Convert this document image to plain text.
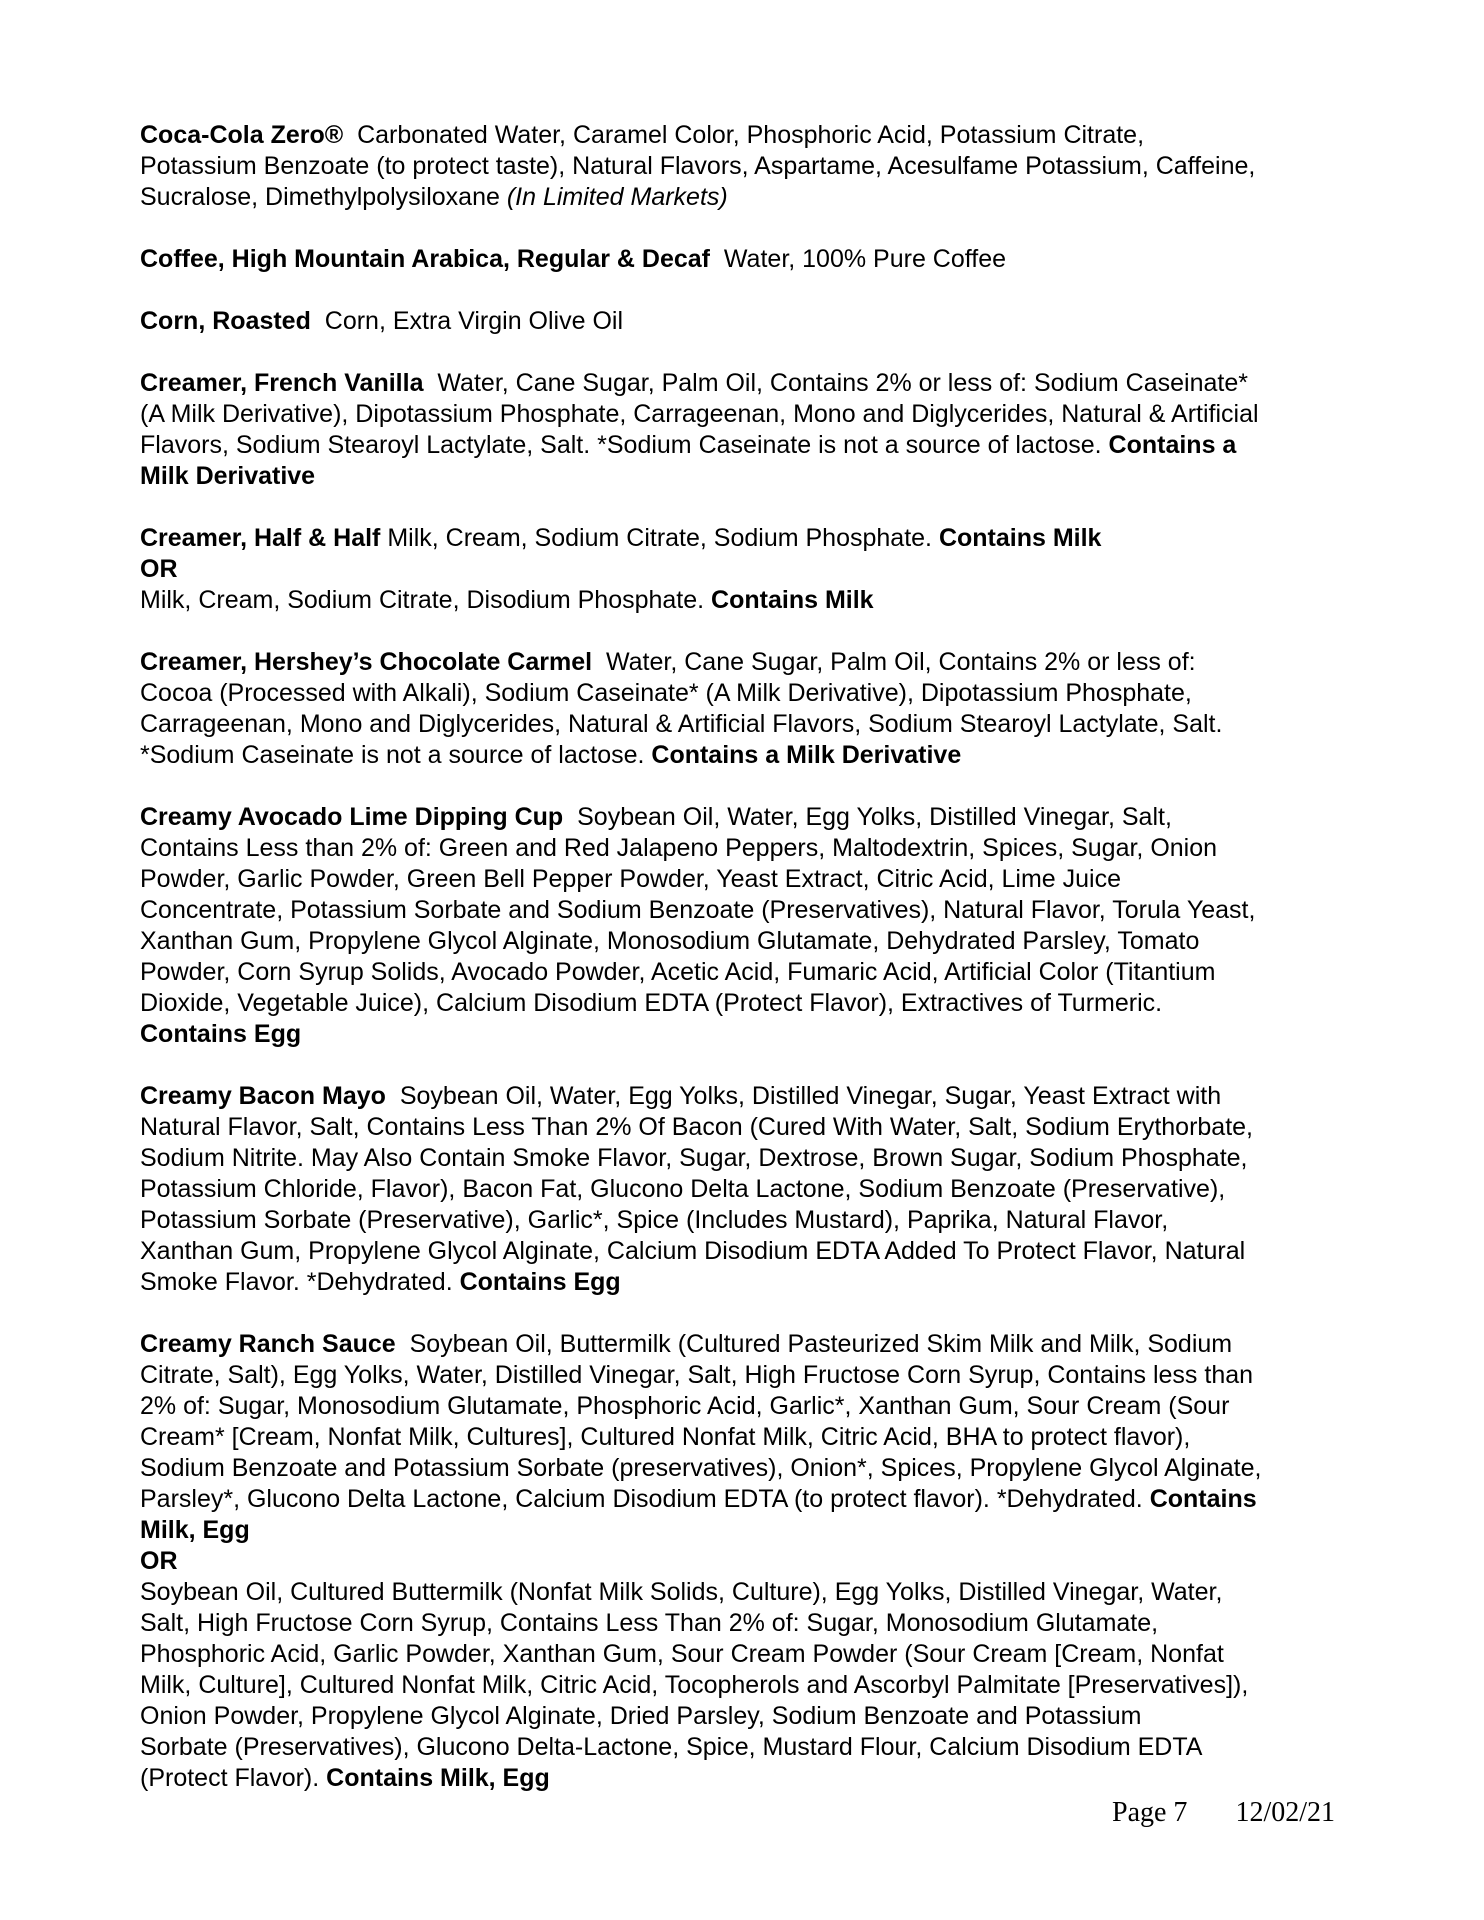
Coca-Cola Zero® Carbonated Water, Caramel Color, Phosphoric Acid, Potassium Citrate,
Potassium Benzoate (to protect taste), Natural Flavors, Aspartame, Acesulfame Potassium, Caffeine,
Sucralose, Dimethylpolysiloxane (In Limited Markets)
Coffee, High Mountain Arabica, Regular & Decaf Water, 100% Pure Coffee
Corn, Roasted Corn, Extra Virgin Olive Oil
Creamer, French Vanilla Water, Cane Sugar, Palm Oil, Contains 2% or less of: Sodium Caseinate*
(A Milk Derivative), Dipotassium Phosphate, Carrageenan, Mono and Diglycerides, Natural & Artificial
Flavors, Sodium Stearoyl Lactylate, Salt. *Sodium Caseinate is not a source of lactose. Contains a
Milk Derivative
Creamer, Half & Half Milk, Cream, Sodium Citrate, Sodium Phosphate. Contains Milk
OR
Milk, Cream, Sodium Citrate, Disodium Phosphate. Contains Milk
Creamer, Hershey’s Chocolate Carmel Water, Cane Sugar, Palm Oil, Contains 2% or less of:
Cocoa (Processed with Alkali), Sodium Caseinate* (A Milk Derivative), Dipotassium Phosphate,
Carrageenan, Mono and Diglycerides, Natural & Artificial Flavors, Sodium Stearoyl Lactylate, Salt.
*Sodium Caseinate is not a source of lactose. Contains a Milk Derivative
Creamy Avocado Lime Dipping Cup Soybean Oil, Water, Egg Yolks, Distilled Vinegar, Salt,
Contains Less than 2% of: Green and Red Jalapeno Peppers, Maltodextrin, Spices, Sugar, Onion
Powder, Garlic Powder, Green Bell Pepper Powder, Yeast Extract, Citric Acid, Lime Juice
Concentrate, Potassium Sorbate and Sodium Benzoate (Preservatives), Natural Flavor, Torula Yeast,
Xanthan Gum, Propylene Glycol Alginate, Monosodium Glutamate, Dehydrated Parsley, Tomato
Powder, Corn Syrup Solids, Avocado Powder, Acetic Acid, Fumaric Acid, Artificial Color (Titantium
Dioxide, Vegetable Juice), Calcium Disodium EDTA (Protect Flavor), Extractives of Turmeric.
Contains Egg
Creamy Bacon Mayo Soybean Oil, Water, Egg Yolks, Distilled Vinegar, Sugar, Yeast Extract with
Natural Flavor, Salt, Contains Less Than 2% Of Bacon (Cured With Water, Salt, Sodium Erythorbate,
Sodium Nitrite. May Also Contain Smoke Flavor, Sugar, Dextrose, Brown Sugar, Sodium Phosphate,
Potassium Chloride, Flavor), Bacon Fat, Glucono Delta Lactone, Sodium Benzoate (Preservative),
Potassium Sorbate (Preservative), Garlic*, Spice (Includes Mustard), Paprika, Natural Flavor,
Xanthan Gum, Propylene Glycol Alginate, Calcium Disodium EDTA Added To Protect Flavor, Natural
Smoke Flavor. *Dehydrated. Contains Egg
Creamy Ranch Sauce Soybean Oil, Buttermilk (Cultured Pasteurized Skim Milk and Milk, Sodium
Citrate, Salt), Egg Yolks, Water, Distilled Vinegar, Salt, High Fructose Corn Syrup, Contains less than
2% of: Sugar, Monosodium Glutamate, Phosphoric Acid, Garlic*, Xanthan Gum, Sour Cream (Sour
Cream* [Cream, Nonfat Milk, Cultures], Cultured Nonfat Milk, Citric Acid, BHA to protect flavor),
Sodium Benzoate and Potassium Sorbate (preservatives), Onion*, Spices, Propylene Glycol Alginate,
Parsley*, Glucono Delta Lactone, Calcium Disodium EDTA (to protect flavor). *Dehydrated. Contains
Milk, Egg
OR
Soybean Oil, Cultured Buttermilk (Nonfat Milk Solids, Culture), Egg Yolks, Distilled Vinegar, Water,
Salt, High Fructose Corn Syrup, Contains Less Than 2% of: Sugar, Monosodium Glutamate,
Phosphoric Acid, Garlic Powder, Xanthan Gum, Sour Cream Powder (Sour Cream [Cream, Nonfat
Milk, Culture], Cultured Nonfat Milk, Citric Acid, Tocopherols and Ascorbyl Palmitate [Preservatives]),
Onion Powder, Propylene Glycol Alginate, Dried Parsley, Sodium Benzoate and Potassium
Sorbate (Preservatives), Glucono Delta-Lactone, Spice, Mustard Flour, Calcium Disodium EDTA
(Protect Flavor). Contains Milk, Egg
Page 7 12/02/21
